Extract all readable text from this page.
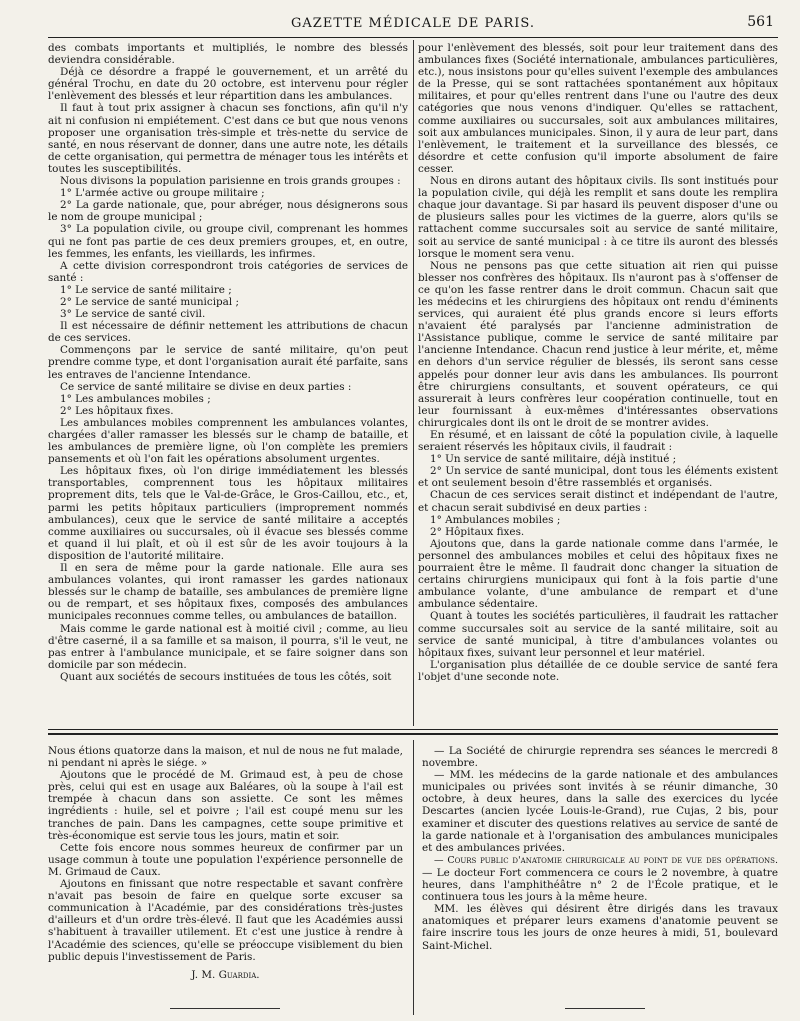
GAZETTE MÉDICALE DE PARIS.	561

des combats importants et multipliés, le nombre des blessés deviendra considérable.

Déjà ce désordre a frappé le gouvernement, et un arrêté du général Trochu, en date du 20 octobre, est intervenu pour régler l'enlèvement des blessés et leur répartition dans les ambulances.

Il faut à tout prix assigner à chacun ses fonctions, afin qu'il n'y ait ni confusion ni empiétement. C'est dans ce but que nous venons proposer une organisation très-simple et très-nette du service de santé, en nous réservant de donner, dans une autre note, les détails de cette organisation, qui permettra de ménager tous les intérêts et toutes les susceptibilités.

Nous divisons la population parisienne en trois grands groupes :

1° L'armée active ou groupe militaire ;

2° La garde nationale, que, pour abréger, nous désignerons sous le nom de groupe municipal ;

3° La population civile, ou groupe civil, comprenant les hommes qui ne font pas partie de ces deux premiers groupes, et, en outre, les femmes, les enfants, les vieillards, les infirmes.

A cette division correspondront trois catégories de services de santé :

1° Le service de santé militaire ;

2° Le service de santé municipal ;

3° Le service de santé civil.

Il est nécessaire de définir nettement les attributions de chacun de ces services.

Commençons par le service de santé militaire, qu'on peut prendre comme type, et dont l'organisation aurait été parfaite, sans les entraves de l'ancienne Intendance.

Ce service de santé militaire se divise en deux parties :

1° Les ambulances mobiles ;

2° Les hôpitaux fixes.

Les ambulances mobiles comprennent les ambulances volantes, chargées d'aller ramasser les blessés sur le champ de bataille, et les ambulances de première ligne, où l'on complète les premiers pansements et où l'on fait les opérations absolument urgentes.

Les hôpitaux fixes, où l'on dirige immédiatement les blessés transportables, comprennent tous les hôpitaux militaires proprement dits, tels que le Val-de-Grâce, le Gros-Caillou, etc., et, parmi les petits hôpitaux particuliers (improprement nommés ambulances), ceux que le service de santé militaire a acceptés comme auxiliaires ou succursales, où il évacue ses blessés comme et quand il lui plaît, et où il est sûr de les avoir toujours à la disposition de l'autorité militaire.

Il en sera de même pour la garde nationale. Elle aura ses ambulances volantes, qui iront ramasser les gardes nationaux blessés sur le champ de bataille, ses ambulances de première ligne ou de rempart, et ses hôpitaux fixes, composés des ambulances municipales reconnues comme telles, ou ambulances de bataillon.

Mais comme le garde national est à moitié civil ; comme, au lieu d'être caserné, il a sa famille et sa maison, il pourra, s'il le veut, ne pas entrer à l'ambulance municipale, et se faire soigner dans son domicile par son médecin.

Quant aux sociétés de secours instituées de tous les côtés, soit

pour l'enlèvement des blessés, soit pour leur traitement dans des ambulances fixes (Société internationale, ambulances particulières, etc.), nous insistons pour qu'elles suivent l'exemple des ambulances de la Presse, qui se sont rattachées spontanément aux hôpitaux militaires, et pour qu'elles rentrent dans l'une ou l'autre des deux catégories que nous venons d'indiquer. Qu'elles se rattachent, comme auxiliaires ou succursales, soit aux ambulances militaires, soit aux ambulances municipales. Sinon, il y aura de leur part, dans l'enlèvement, le traitement et la surveillance des blessés, ce désordre et cette confusion qu'il importe absolument de faire cesser.

Nous en dirons autant des hôpitaux civils. Ils sont institués pour la population civile, qui déjà les remplit et sans doute les remplira chaque jour davantage. Si par hasard ils peuvent disposer d'une ou de plusieurs salles pour les victimes de la guerre, alors qu'ils se rattachent comme succursales soit au service de santé militaire, soit au service de santé municipal : à ce titre ils auront des blessés lorsque le moment sera venu.

Nous ne pensons pas que cette situation ait rien qui puisse blesser nos confrères des hôpitaux. Ils n'auront pas à s'offenser de ce qu'on les fasse rentrer dans le droit commun. Chacun sait que les médecins et les chirurgiens des hôpitaux ont rendu d'éminents services, qui auraient été plus grands encore si leurs efforts n'avaient été paralysés par l'ancienne administration de l'Assistance publique, comme le service de santé militaire par l'ancienne Intendance. Chacun rend justice à leur mérite, et, même en dehors d'un service régulier de blessés, ils seront sans cesse appelés pour donner leur avis dans les ambulances. Ils pourront être chirurgiens consultants, et souvent opérateurs, ce qui assurerait à leurs confrères leur coopération continuelle, tout en leur fournissant à eux-mêmes d'intéressantes observations chirurgicales dont ils ont le droit de se montrer avides.

En résumé, et en laissant de côté la population civile, à laquelle seraient réservés les hôpitaux civils, il faudrait :

1° Un service de santé militaire, déjà institué ;

2° Un service de santé municipal, dont tous les éléments existent et ont seulement besoin d'être rassemblés et organisés.

Chacun de ces services serait distinct et indépendant de l'autre, et chacun serait subdivisé en deux parties :

1° Ambulances mobiles ;

2° Hôpitaux fixes.

Ajoutons que, dans la garde nationale comme dans l'armée, le personnel des ambulances mobiles et celui des hôpitaux fixes ne pourraient être le même. Il faudrait donc changer la situation de certains chirurgiens municipaux qui font à la fois partie d'une ambulance volante, d'une ambulance de rempart et d'une ambulance sédentaire.

Quant à toutes les sociétés particulières, il faudrait les rattacher comme succursales soit au service de la santé militaire, soit au service de santé municipal, à titre d'ambulances volantes ou hôpitaux fixes, suivant leur personnel et leur matériel.

L'organisation plus détaillée de ce double service de santé fera l'objet d'une seconde note.

Nous étions quatorze dans la maison, et nul de nous ne fut malade, ni pendant ni après le siége. »

Ajoutons que le procédé de M. Grimaud est, à peu de chose près, celui qui est en usage aux Baléares, où la soupe à l'ail est trempée à chacun dans son assiette. Ce sont les mêmes ingrédients : huile, sel et poivre ; l'ail est coupé menu sur les tranches de pain. Dans les campagnes, cette soupe primitive et très-économique est servie tous les jours, matin et soir.

Cette fois encore nous sommes heureux de confirmer par un usage commun à toute une population l'expérience personnelle de M. Grimaud de Caux.

Ajoutons en finissant que notre respectable et savant confrère n'avait pas besoin de faire en quelque sorte excuser sa communication à l'Académie, par des considérations très-justes d'ailleurs et d'un ordre très-élevé. Il faut que les Académies aussi s'habituent à travailler utilement. Et c'est une justice à rendre à l'Académie des sciences, qu'elle se préoccupe visiblement du bien public depuis l'investissement de Paris.

J. M. Guardia.

— La Société de chirurgie reprendra ses séances le mercredi 8 novembre.

— MM. les médecins de la garde nationale et des ambulances municipales ou privées sont invités à se réunir dimanche, 30 octobre, à deux heures, dans la salle des exercices du lycée Descartes (ancien lycée Louis-le-Grand), rue Cujas, 2 bis, pour examiner et discuter des questions relatives au service de santé de la garde nationale et à l'organisation des ambulances municipales et des ambulances privées.

— Cours public d'anatomie chirurgicale au point de vue des opérations. — Le docteur Fort commencera ce cours le 2 novembre, à quatre heures, dans l'amphithéâtre n° 2 de l'École pratique, et le continuera tous les jours à la même heure.

MM. les élèves qui désirent être dirigés dans les travaux anatomiques et préparer leurs examens d'anatomie peuvent se faire inscrire tous les jours de onze heures à midi, 51, boulevard Saint-Michel.
